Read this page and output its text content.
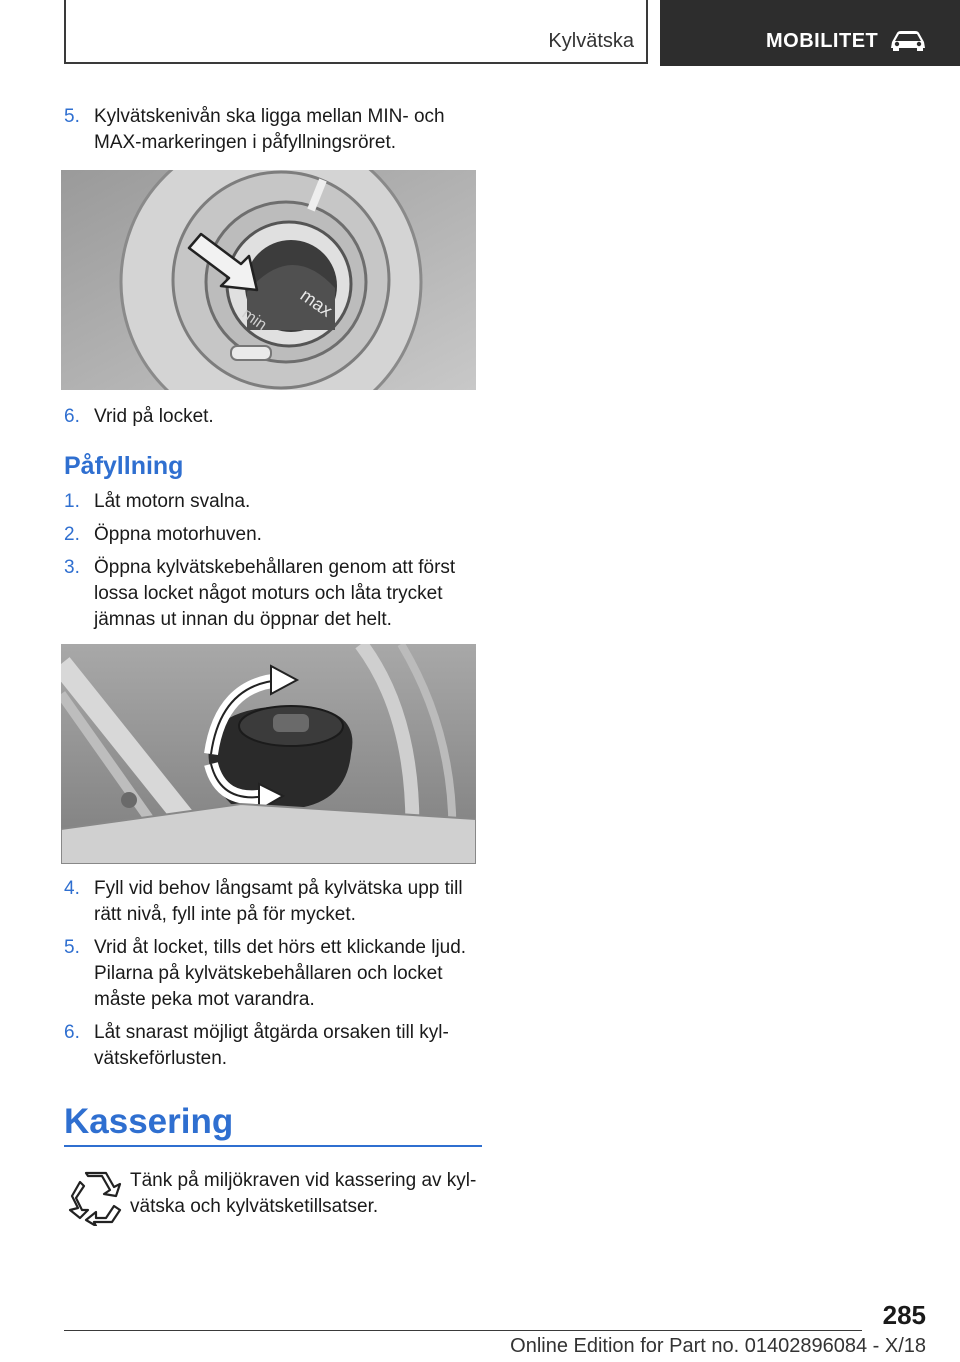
Kylvätska	MOBILITET
5. Kylvätskenivån ska ligga mellan MIN- och MAX-markeringen i påfyllningsröret.
max
min
6. Vrid på locket.
Påfyllning
1. Låt motorn svalna.
2. Öppna motorhuven.
3. Öppna kylvätskebehållaren genom att först lossa locket något moturs och låta trycket jämnas ut innan du öppnar det helt.
4. Fyll vid behov långsamt på kylvätska upp till rätt nivå, fyll inte på för mycket.
5. Vrid åt locket, tills det hörs ett klickande ljud. Pilarna på kylvätskebehållaren och locket måste peka mot varandra.
6. Låt snarast möjligt åtgärda orsaken till kyl-vätskeförlusten.
Kassering
Tänk på miljökraven vid kassering av kyl-vätska och kylvätsketillsatser.
285
Online Edition for Part no. 01402896084 - X/18
